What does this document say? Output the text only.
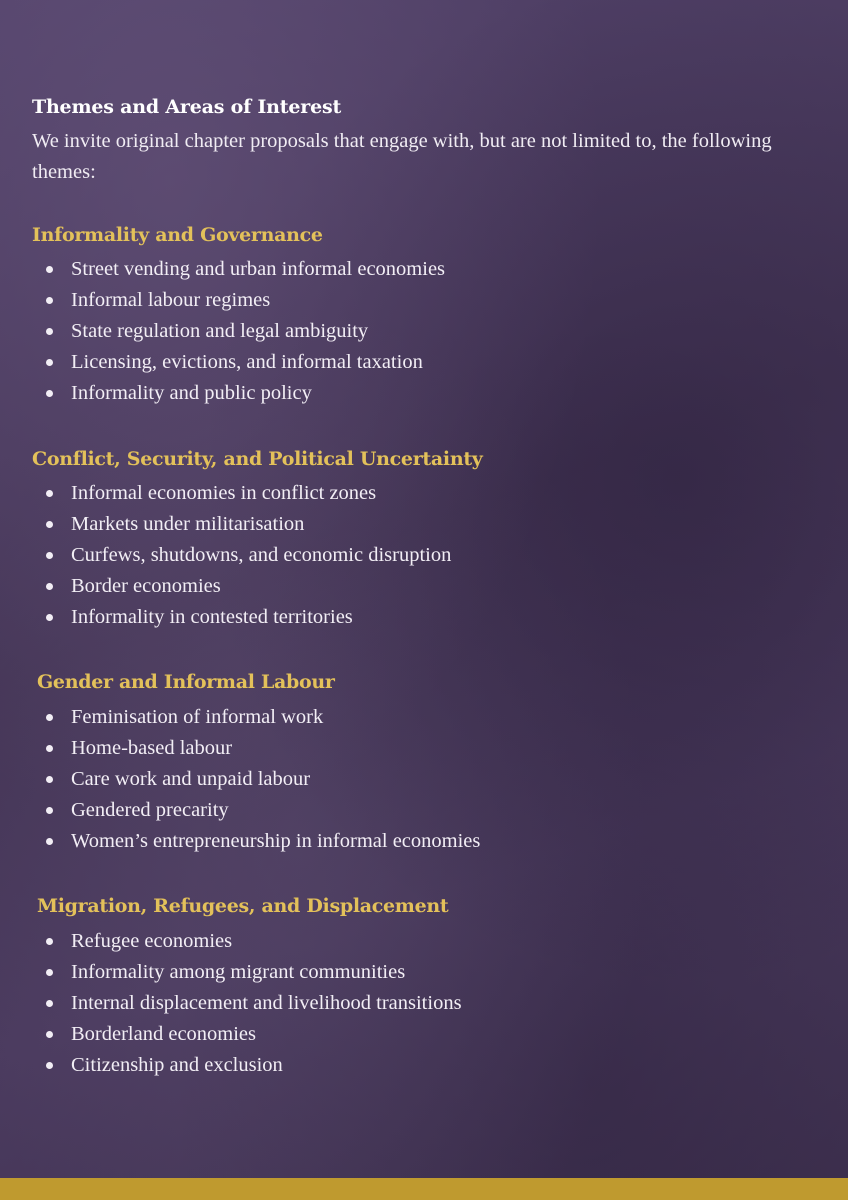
Themes and Areas of Interest
We invite original chapter proposals that engage with, but are not limited to, the following themes:
Informality and Governance
Street vending and urban informal economies
Informal labour regimes
State regulation and legal ambiguity
Licensing, evictions, and informal taxation
Informality and public policy
Conflict, Security, and Political Uncertainty
Informal economies in conflict zones
Markets under militarisation
Curfews, shutdowns, and economic disruption
Border economies
Informality in contested territories
Gender and Informal Labour
Feminisation of informal work
Home-based labour
Care work and unpaid labour
Gendered precarity
Women’s entrepreneurship in informal economies
Migration, Refugees, and Displacement
Refugee economies
Informality among migrant communities
Internal displacement and livelihood transitions
Borderland economies
Citizenship and exclusion
